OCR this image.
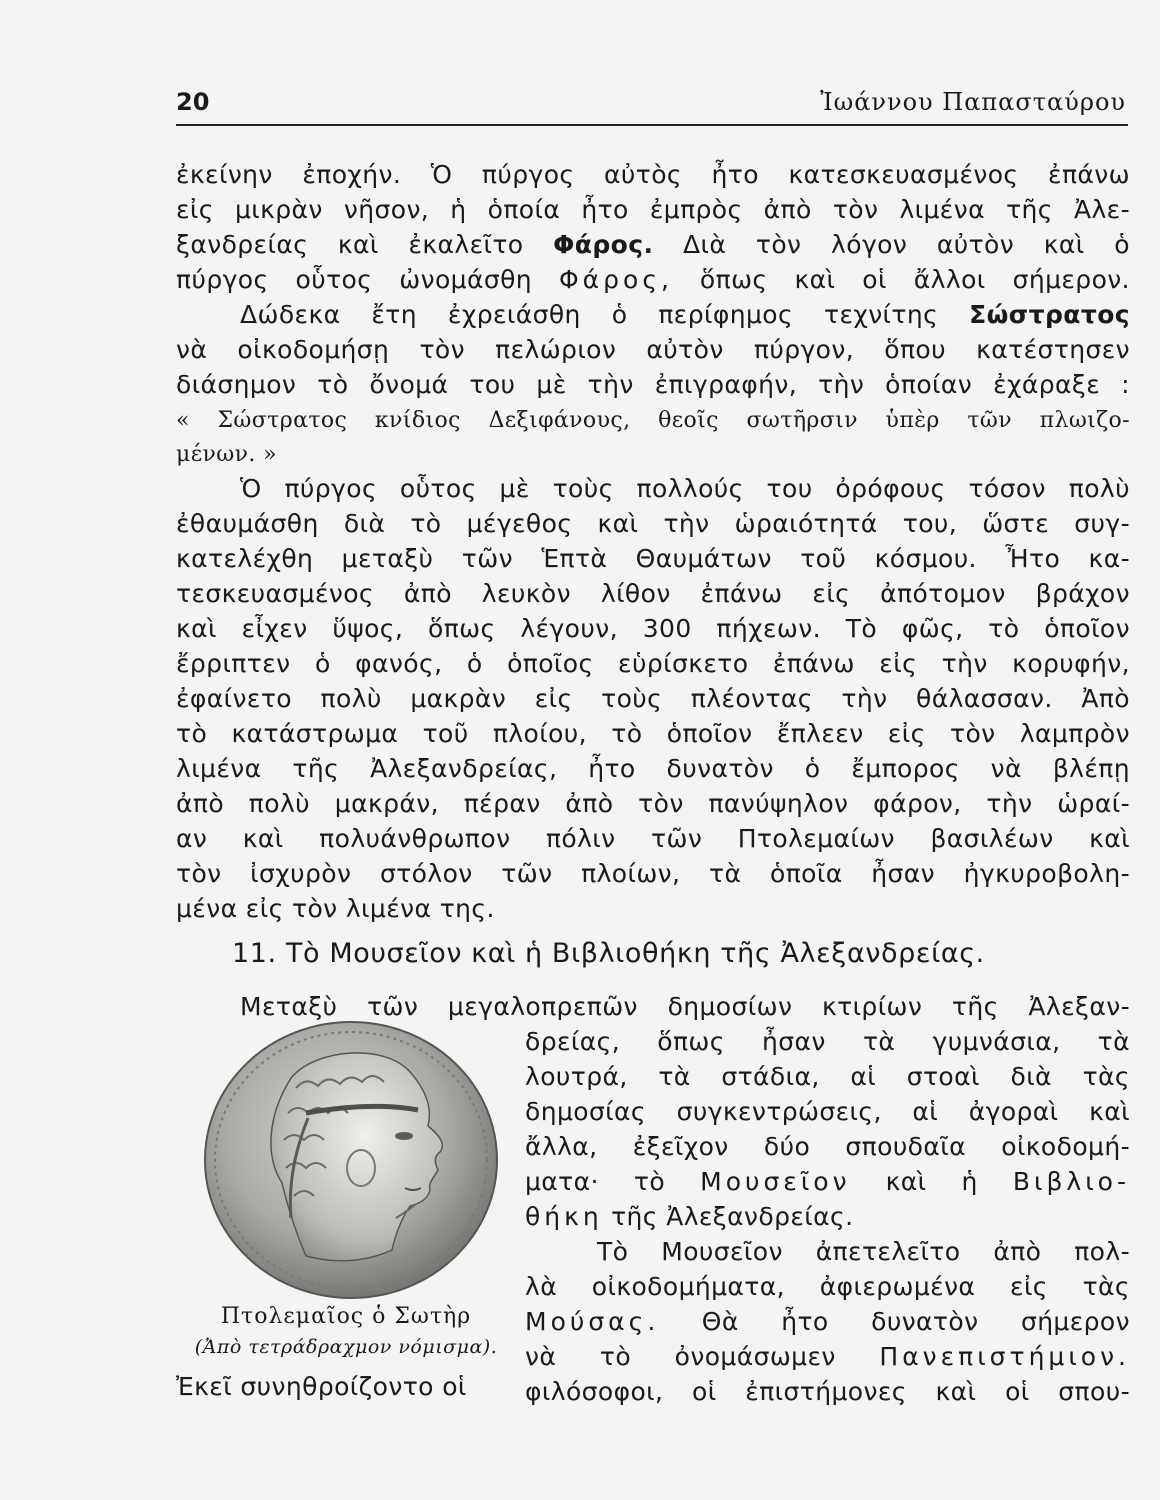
20	Ἰωάννου Παπασταύρου
ἐκείνην ἐποχήν. Ὁ πύργος αὐτὸς ἦτο κατεσκευασμένος ἐπάνω
εἰς μικρὰν νῆσον, ἡ ὁποία ἦτο ἐμπρὸς ἀπὸ τὸν λιμένα τῆς Ἀλε-
ξανδρείας καὶ ἐκαλεῖτο Φάρος. Διὰ τὸν λόγον αὐτὸν καὶ ὁ
πύργος οὗτος ὠνομάσθη Φάρος, ὅπως καὶ οἱ ἄλλοι σήμερον.
Δώδεκα ἔτη ἐχρειάσθη ὁ περίφημος τεχνίτης Σώστρατος
νὰ οἰκοδομήσῃ τὸν πελώριον αὐτὸν πύργον, ὅπου κατέστησεν
διάσημον τὸ ὄνομά του μὲ τὴν ἐπιγραφήν, τὴν ὁποίαν ἐχάραξε :
« Σώστρατος κνίδιος Δεξιφάνους, θεοῖς σωτῆρσιν ὑπὲρ τῶν πλωιζο-
μένων. »
Ὁ πύργος οὗτος μὲ τοὺς πολλούς του ὀρόφους τόσον πολὺ
ἐθαυμάσθη διὰ τὸ μέγεθος καὶ τὴν ὡραιότητά του, ὥστε συγ-
κατελέχθη μεταξὺ τῶν Ἑπτὰ Θαυμάτων τοῦ κόσμου. Ἦτο κα-
τεσκευασμένος ἀπὸ λευκὸν λίθον ἐπάνω εἰς ἀπότομον βράχον
καὶ εἶχεν ὕψος, ὅπως λέγουν, 300 πήχεων. Τὸ φῶς, τὸ ὁποῖον
ἔρριπτεν ὁ φανός, ὁ ὁποῖος εὑρίσκετο ἐπάνω εἰς τὴν κορυφήν,
ἐφαίνετο πολὺ μακρὰν εἰς τοὺς πλέοντας τὴν θάλασσαν. Ἀπὸ
τὸ κατάστρωμα τοῦ πλοίου, τὸ ὁποῖον ἔπλεεν εἰς τὸν λαμπρὸν
λιμένα τῆς Ἀλεξανδρείας, ἦτο δυνατὸν ὁ ἔμπορος νὰ βλέπῃ
ἀπὸ πολὺ μακράν, πέραν ἀπὸ τὸν πανύψηλον φάρον, τὴν ὡραί-
αν καὶ πολυάνθρωπον πόλιν τῶν Πτολεμαίων βασιλέων καὶ
τὸν ἰσχυρὸν στόλον τῶν πλοίων, τὰ ὁποῖα ἦσαν ἠγκυροβολη-
μένα εἰς τὸν λιμένα της.
11. Τὸ Μουσεῖον καὶ ἡ Βιβλιοθήκη τῆς Ἀλεξανδρείας.
Μεταξὺ τῶν μεγαλοπρεπῶν δημοσίων κτιρίων τῆς Ἀλεξαν-
δρείας, ὅπως ἦσαν τὰ γυμνάσια, τὰ
λουτρά, τὰ στάδια, αἱ στοαὶ διὰ τὰς
δημοσίας συγκεντρώσεις, αἱ ἀγοραὶ καὶ
ἄλλα, ἐξεῖχον δύο σπουδαῖα οἰκοδομή-
ματα· τὸ Μουσεῖον καὶ ἡ Βιβλιο-
θήκη τῆς Ἀλεξανδρείας.
Τὸ Μουσεῖον ἀπετελεῖτο ἀπὸ πολ-
λὰ οἰκοδομήματα, ἀφιερωμένα εἰς τὰς
Μούσας. Θὰ ἦτο δυνατὸν σήμερον
νὰ τὸ ὀνομάσωμεν Πανεπιστήμιον.
φιλόσοφοι, οἱ ἐπιστήμονες καὶ οἱ σπου-
Ἐκεῖ συνηθροίζοντο οἱ
Πτολεμαῖος ὁ Σωτὴρ
(Ἀπὸ τετράδραχμον νόμισμα).
